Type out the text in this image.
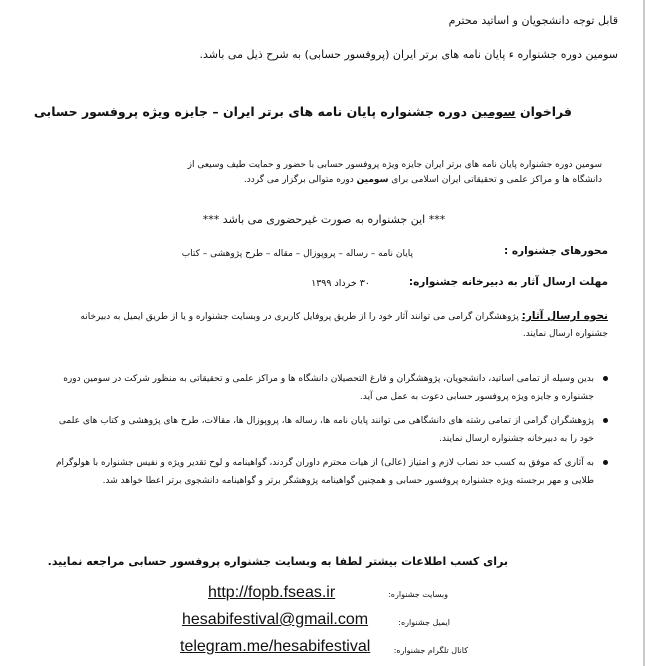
قابل توجه دانشجویان و اساتید محترم
سومین دوره جشنواره ء پایان نامه های برتر ایران (پروفسور حسابی) به شرح ذیل می باشد.
فراخوان سومین دوره جشنواره پایان نامه های برتر ایران – جایزه ویژه پروفسور حسابی
سومین دوره جشنواره پایان نامه های برتر ایران جایزه ویژه پروفسور حسابی با حضور و حمایت طیف وسیعی از
دانشگاه ها و مراکز علمی و تحقیقاتی ایران اسلامی برای سومین دوره متوالی برگزار می گردد.
*** این جشنواره به صورت غیرحضوری می باشد ***
محورهای جشنواره :
پایان نامه – رساله – پروپوزال – مقاله – طرح پژوهشی – کتاب
مهلت ارسال آثار به دبیرخانه جشنواره:
۳۰ خرداد ۱۳۹۹
نحوه ارسال آثار: پژوهشگران گرامی می توانند آثار خود را از طریق پروفایل کاربری در وبسایت جشنواره و یا از طریق ایمیل به دبیرخانه جشنواره ارسال نمایند.
بدین وسیله از تمامی اساتید، دانشجویان، پژوهشگران و فارغ التحصیلان دانشگاه ها و مراکز علمی و تحقیقاتی به منظور شرکت در سومین دوره جشنواره و جایزه ویژه پروفسور حسابی دعوت به عمل می آید.
پژوهشگران گرامی از تمامی رشته های دانشگاهی می توانند پایان نامه ها، رساله ها، پروپوزال ها، مقالات، طرح های پژوهشی و کتاب های علمی خود را به دبیرخانه جشنواره ارسال نمایند.
به آثاری که موفق به کسب حد نصاب لازم و امتیاز (عالی) از هیات محترم داوران گردند، گواهینامه و لوح تقدیر ویژه و نفیس جشنواره با هولوگرام طلایی و مهر برجسته ویژه جشنواره پروفسور حسابی و همچنین گواهینامه پژوهشگر برتر و گواهینامه دانشجوی برتر اعطا خواهد شد.
برای کسب اطلاعات بیشتر لطفا به وبسایت جشنواره پروفسور حسابی مراجعه نمایید.
http://fopb.fseas.ir	وبسایت جشنواره:
hesabifestival@gmail.com	ایمیل جشنواره:
telegram.me/hesabifestival	کانال تلگرام جشنواره:
